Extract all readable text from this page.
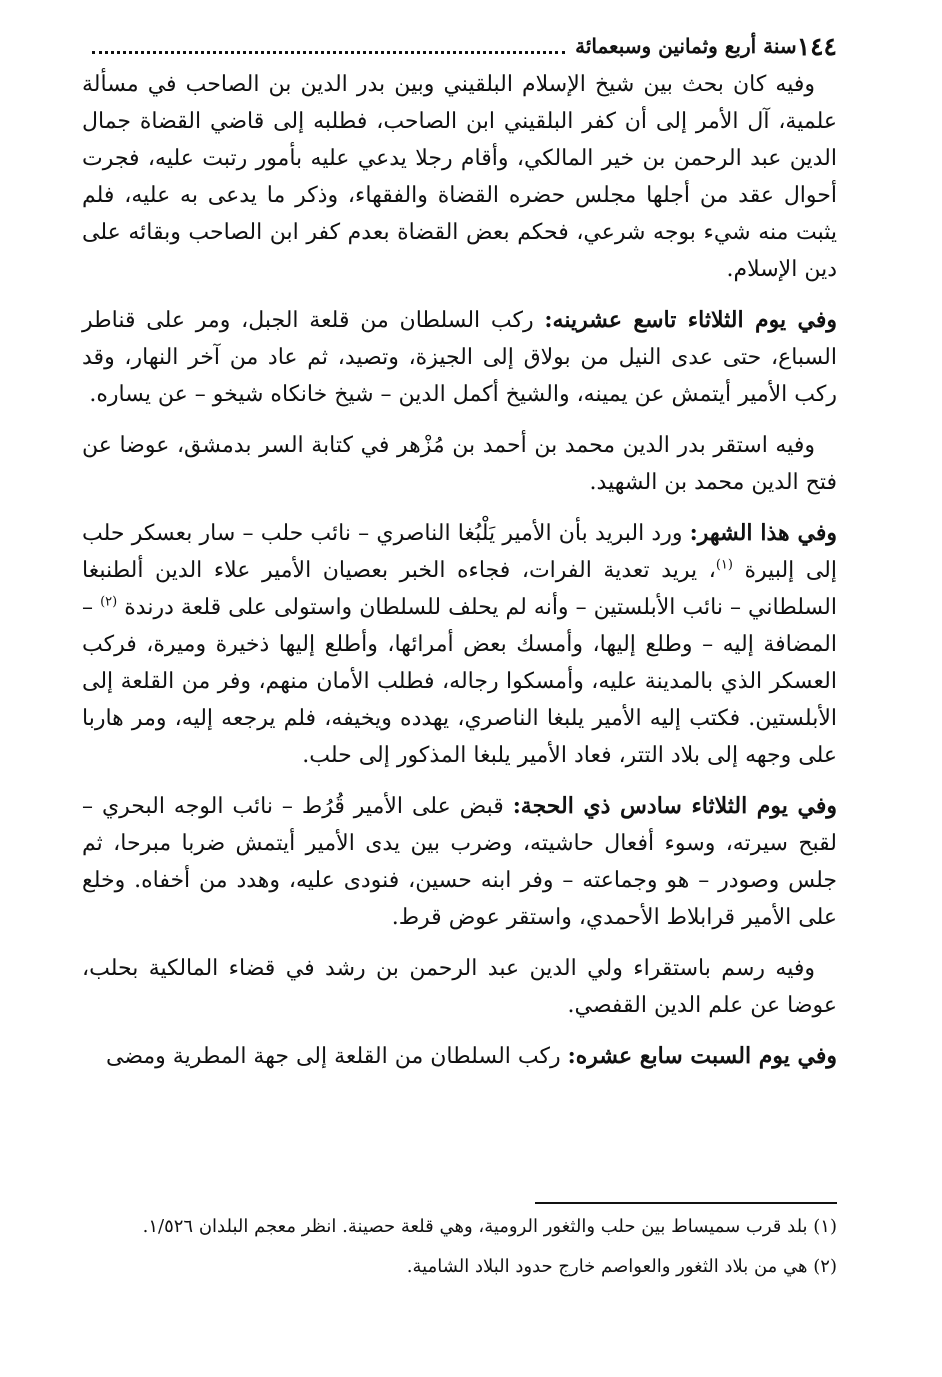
١٤٤
سنة أربع وثمانين وسبعمائة

وفيه كان بحث بين شيخ الإسلام البلقيني وبين بدر الدين بن الصاحب في مسألة علمية، آل الأمر إلى أن كفر البلقيني ابن الصاحب، فطلبه إلى قاضي القضاة جمال الدين عبد الرحمن بن خير المالكي، وأقام رجلا يدعي عليه بأمور رتبت عليه، فجرت أحوال عقد من أجلها مجلس حضره القضاة والفقهاء، وذكر ما يدعى به عليه، فلم يثبت منه شيء بوجه شرعي، فحكم بعض القضاة بعدم كفر ابن الصاحب وبقائه على دين الإسلام.

وفي يوم الثلاثاء تاسع عشرينه: ركب السلطان من قلعة الجبل، ومر على قناطر السباع، حتى عدى النيل من بولاق إلى الجيزة، وتصيد، ثم عاد من آخر النهار، وقد ركب الأمير أيتمش عن يمينه، والشيخ أكمل الدين – شيخ خانكاه شيخو – عن يساره.

وفيه استقر بدر الدين محمد بن أحمد بن مُزْهر في كتابة السر بدمشق، عوضا عن فتح الدين محمد بن الشهيد.

وفي هذا الشهر: ورد البريد بأن الأمير يَلْبُغا الناصري – نائب حلب – سار بعسكر حلب إلى إلبيرة $^{(١)}$، يريد تعدية الفرات، فجاءه الخبر بعصيان الأمير علاء الدين ألطنبغا السلطاني – نائب الأبلستين – وأنه لم يحلف للسلطان واستولى على قلعة درندة $^{(٢)}$ – المضافة إليه – وطلع إليها، وأمسك بعض أمرائها، وأطلع إليها ذخيرة وميرة، فركب العسكر الذي بالمدينة عليه، وأمسكوا رجاله، فطلب الأمان منهم، وفر من القلعة إلى الأبلستين. فكتب إليه الأمير يلبغا الناصري، يهدده ويخيفه، فلم يرجعه إليه، ومر هاربا على وجهه إلى بلاد التتر، فعاد الأمير يلبغا المذكور إلى حلب.

وفي يوم الثلاثاء سادس ذي الحجة: قبض على الأمير قُرُط – نائب الوجه البحري – لقبح سيرته، وسوء أفعال حاشيته، وضرب بين يدى الأمير أيتمش ضربا مبرحا، ثم جلس وصودر – هو وجماعته – وفر ابنه حسين، فنودى عليه، وهدد من أخفاه. وخلع على الأمير قرابلاط الأحمدي، واستقر عوض قرط.

وفيه رسم باستقراء ولي الدين عبد الرحمن بن رشد في قضاء المالكية بحلب، عوضا عن علم الدين القفصي.

وفي يوم السبت سابع عشره: ركب السلطان من القلعة إلى جهة المطرية ومضى

(١) بلد قرب سميساط بين حلب والثغور الرومية، وهي قلعة حصينة. انظر معجم البلدان ١/٥٢٦.

(٢) هي من بلاد الثغور والعواصم خارج حدود البلاد الشامية.
